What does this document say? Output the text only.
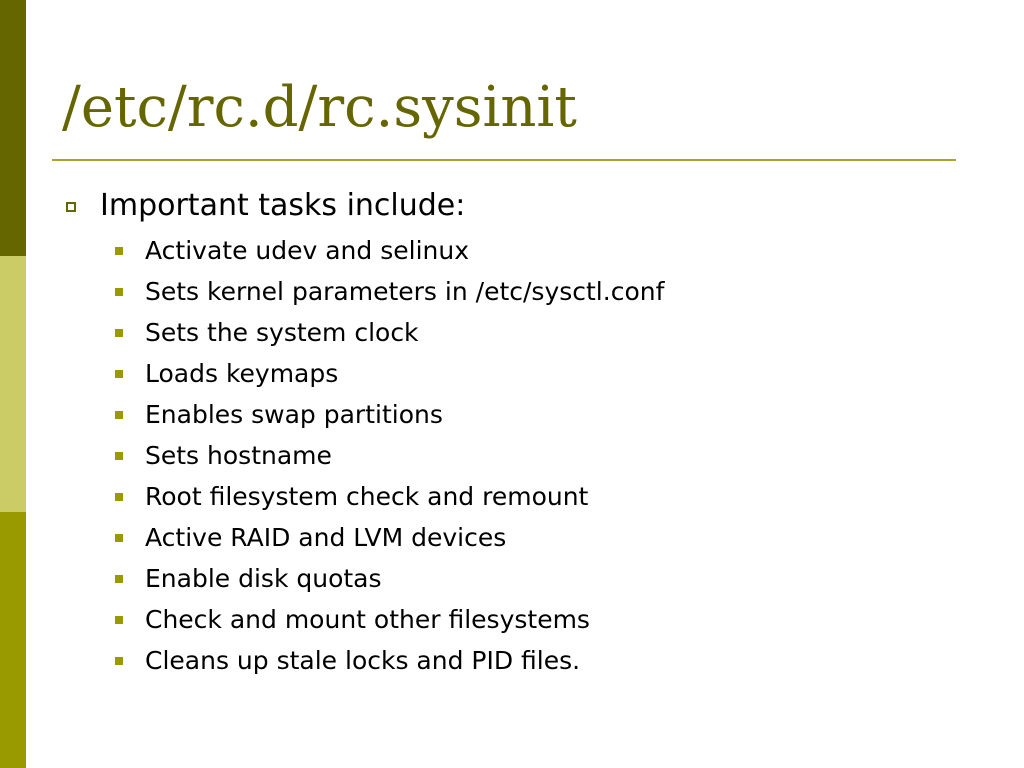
/etc/rc.d/rc.sysinit
Important tasks include:
Activate udev and selinux
Sets kernel parameters in /etc/sysctl.conf
Sets the system clock
Loads keymaps
Enables swap partitions
Sets hostname
Root filesystem check and remount
Active RAID and LVM devices
Enable disk quotas
Check and mount other filesystems
Cleans up stale locks and PID files.
